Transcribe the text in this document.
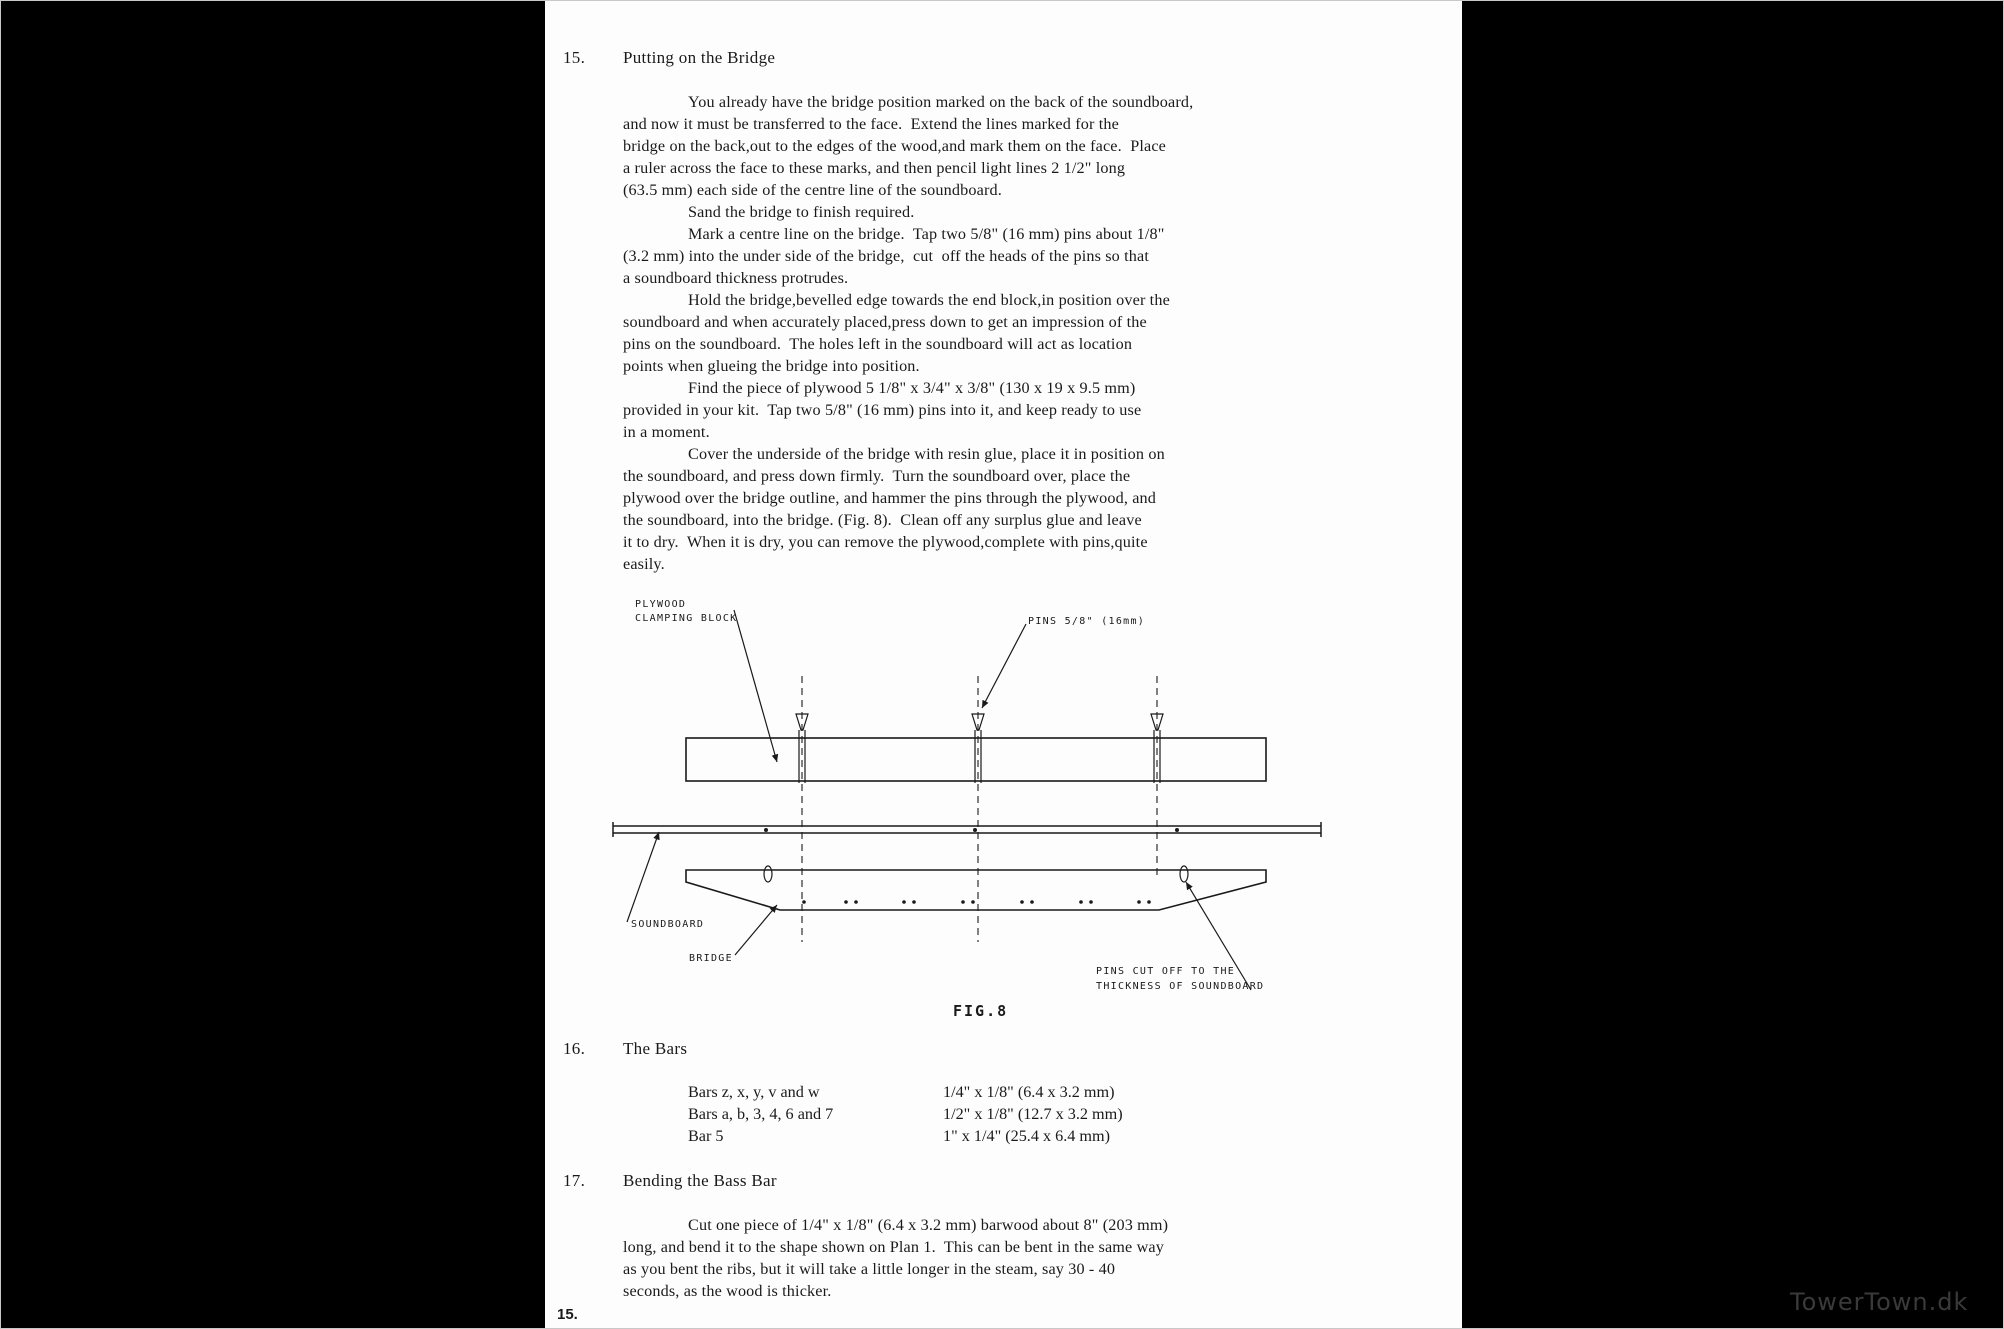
15. Putting on the Bridge
You already have the bridge position marked on the back of the soundboard,
and now it must be transferred to the face.  Extend the lines marked for the
bridge on the back,out to the edges of the wood,and mark them on the face.  Place
a ruler across the face to these marks, and then pencil light lines 2 1/2" long
(63.5 mm) each side of the centre line of the soundboard.
Sand the bridge to finish required.
Mark a centre line on the bridge.  Tap two 5/8" (16 mm) pins about 1/8"
(3.2 mm) into the under side of the bridge,  cut  off the heads of the pins so that
a soundboard thickness protrudes.
Hold the bridge,bevelled edge towards the end block,in position over the
soundboard and when accurately placed,press down to get an impression of the
pins on the soundboard.  The holes left in the soundboard will act as location
points when glueing the bridge into position.
Find the piece of plywood 5 1/8" x 3/4" x 3/8" (130 x 19 x 9.5 mm)
provided in your kit.  Tap two 5/8" (16 mm) pins into it, and keep ready to use
in a moment.
Cover the underside of the bridge with resin glue, place it in position on
the soundboard, and press down firmly.  Turn the soundboard over, place the
plywood over the bridge outline, and hammer the pins through the plywood, and
the soundboard, into the bridge. (Fig. 8).  Clean off any surplus glue and leave
it to dry.  When it is dry, you can remove the plywood,complete with pins,quite
easily.
PLYWOOD
CLAMPING BLOCK	PINS 5/8" (16mm)
SOUNDBOARD
BRIDGE
PINS CUT OFF TO THE
THICKNESS OF SOUNDBOARD
FIG.8
16. The Bars
Bars z, x, y, v and w	1/4" x 1/8" (6.4 x 3.2 mm)
Bars a, b, 3, 4, 6 and 7	1/2" x 1/8" (12.7 x 3.2 mm)
Bar 5	1" x 1/4" (25.4 x 6.4 mm)
17. Bending the Bass Bar
Cut one piece of 1/4" x 1/8" (6.4 x 3.2 mm) barwood about 8" (203 mm)
long, and bend it to the shape shown on Plan 1.  This can be bent in the same way
as you bent the ribs, but it will take a little longer in the steam, say 30 - 40
seconds, as the wood is thicker.
15.	TowerTown.dk
